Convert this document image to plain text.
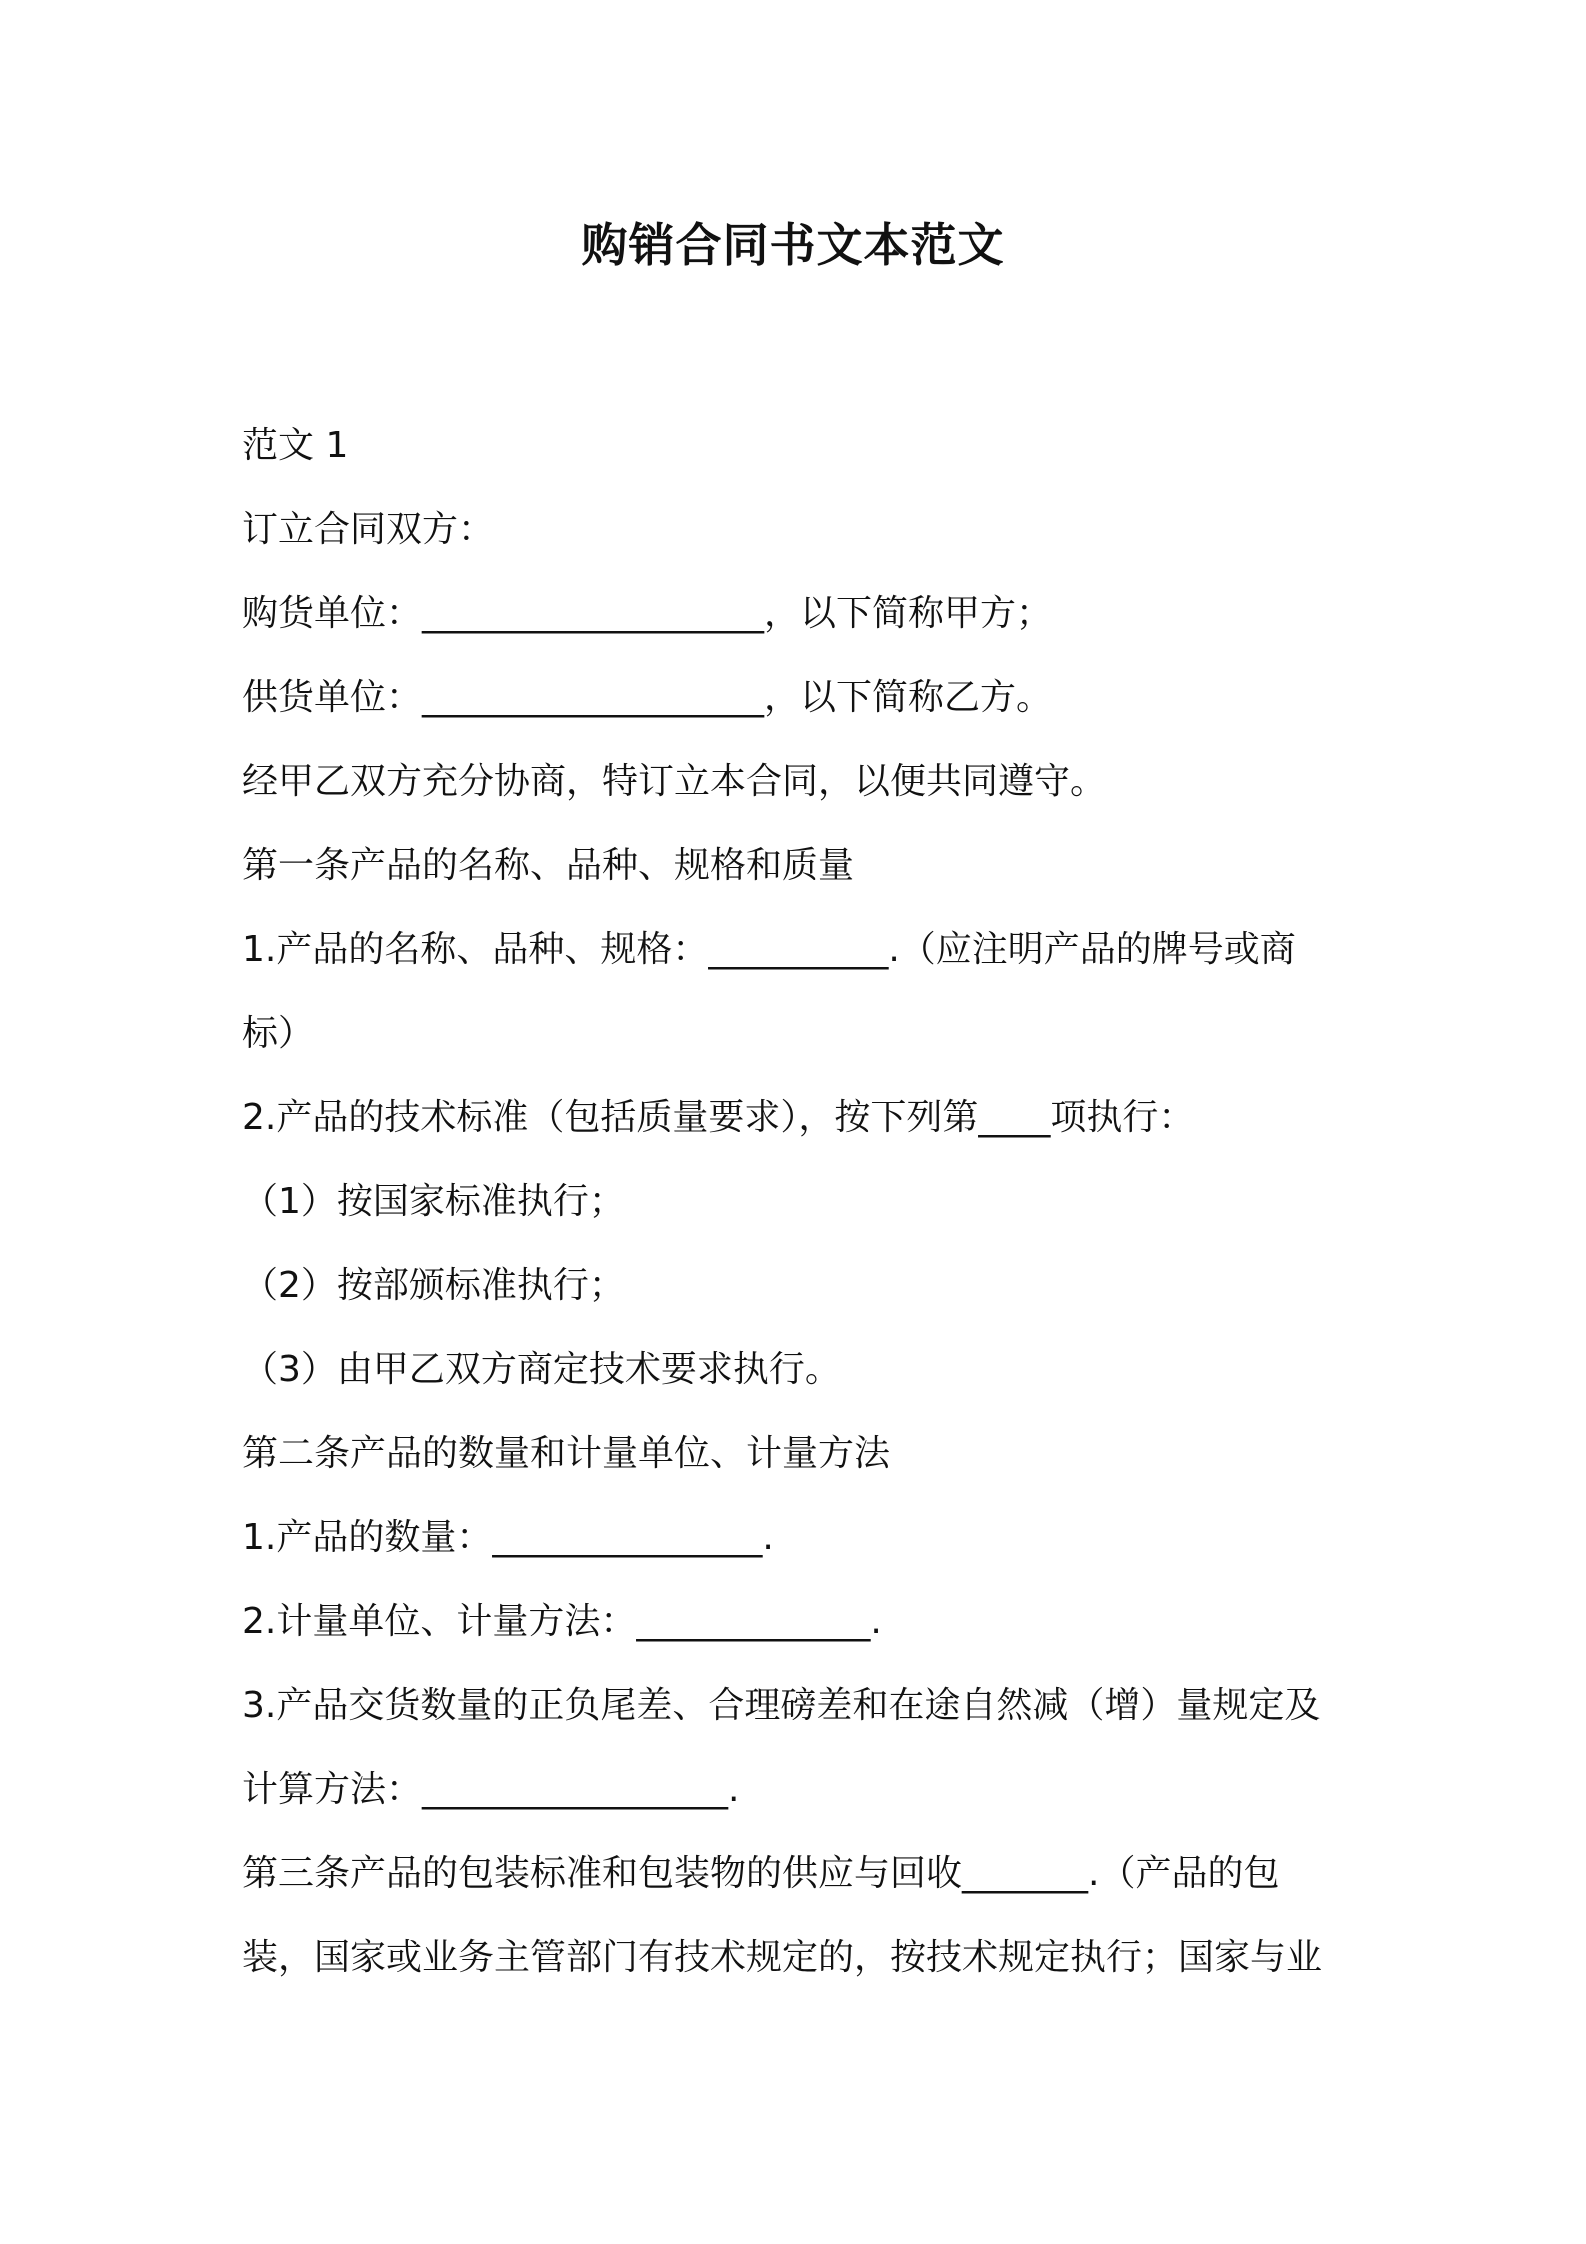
购销合同书文本范文
范文 1
订立合同双方：
购货单位：___________________，以下简称甲方；
供货单位：___________________，以下简称乙方。
经甲乙双方充分协商，特订立本合同，以便共同遵守。
第一条产品的名称、品种、规格和质量
1.产品的名称、品种、规格：__________.（应注明产品的牌号或商
标）
2.产品的技术标准（包括质量要求），按下列第____项执行：
（1）按国家标准执行；
（2）按部颁标准执行；
（3）由甲乙双方商定技术要求执行。
第二条产品的数量和计量单位、计量方法
1.产品的数量：_______________.
2.计量单位、计量方法：_____________.
3.产品交货数量的正负尾差、合理磅差和在途自然减（增）量规定及
计算方法：_________________.
第三条产品的包装标准和包装物的供应与回收_______.（产品的包
装，国家或业务主管部门有技术规定的，按技术规定执行；国家与业
